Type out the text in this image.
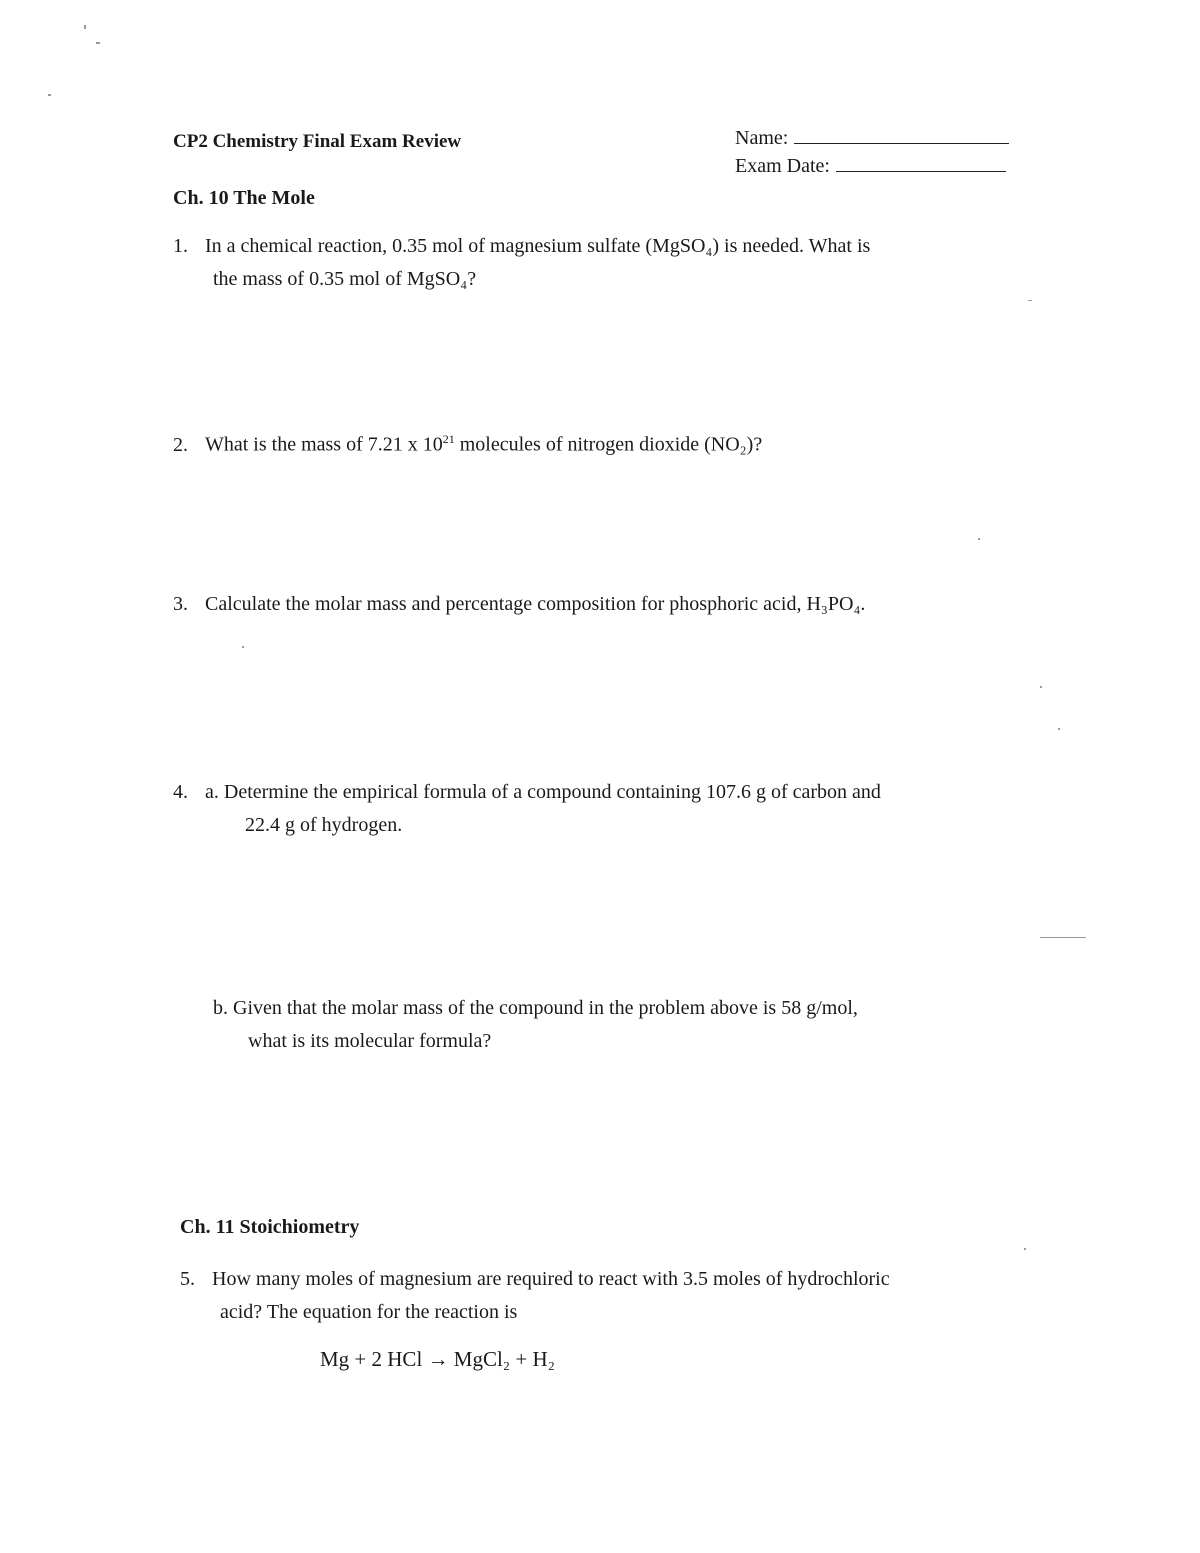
CP2 Chemistry Final Exam Review	Name:
Exam Date:
Ch. 10 The Mole
1. In a chemical reaction, 0.35 mol of magnesium sulfate (MgSO₄) is needed. What is
the mass of 0.35 mol of MgSO₄?
2. What is the mass of 7.21 x $10^{21}$ molecules of nitrogen dioxide (NO₂)?
3. Calculate the molar mass and percentage composition for phosphoric acid, H₃PO₄.
4. a. Determine the empirical formula of a compound containing 107.6 g of carbon and
22.4 g of hydrogen.
b. Given that the molar mass of the compound in the problem above is 58 g/mol,
what is its molecular formula?
Ch. 11 Stoichiometry
5. How many moles of magnesium are required to react with 3.5 moles of hydrochloric
acid? The equation for the reaction is
Mg + 2 HCl → MgCl₂ + H₂
